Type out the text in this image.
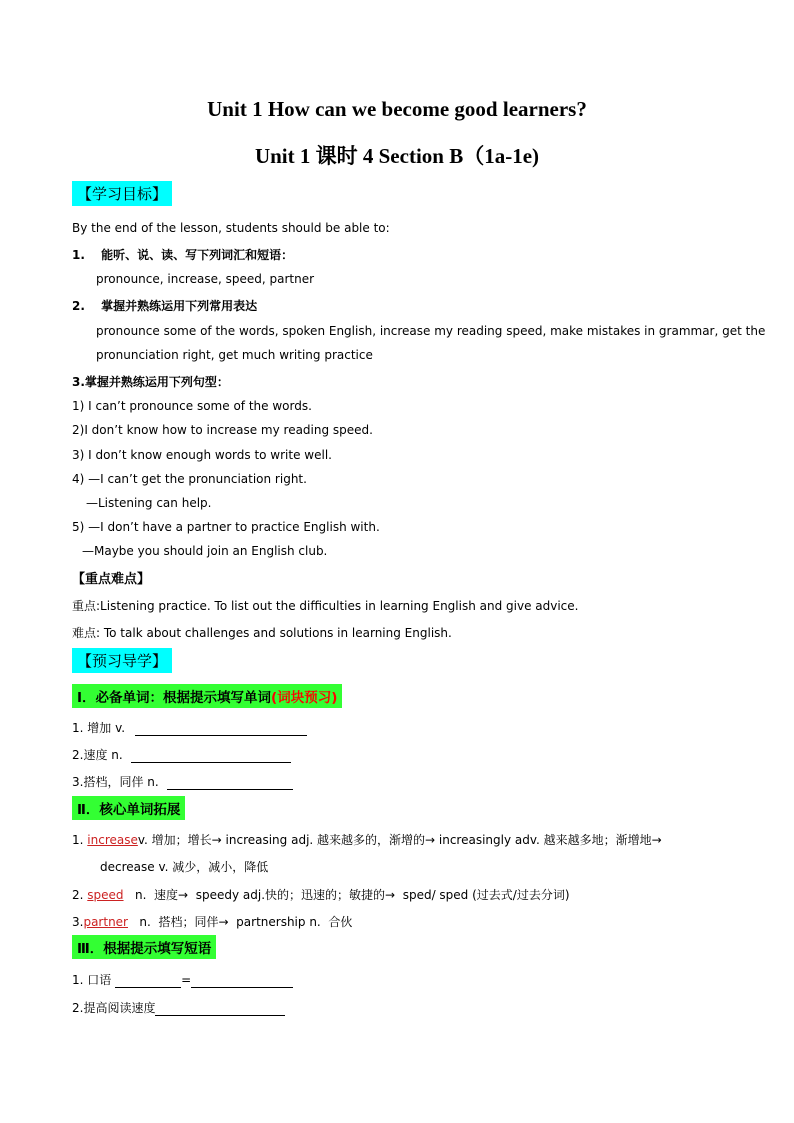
Unit 1 How can we become good learners?
Unit 1 课时 4 Section B（1a-1e)
【学习目标】
By the end of the lesson, students should be able to:
1. 能听、说、读、写下列词汇和短语：
pronounce, increase, speed, partner
2. 掌握并熟练运用下列常用表达
pronounce some of the words, spoken English, increase my reading speed, make mistakes in grammar, get the
pronunciation right, get much writing practice
3.掌握并熟练运用下列句型：
1) I can’t pronounce some of the words.
2)I don’t know how to increase my reading speed.
3) I don’t know enough words to write well.
4) —I can’t get the pronunciation right.
—Listening can help.
5) —I don’t have a partner to practice English with.
—Maybe you should join an English club.
【重点难点】
重点:Listening practice. To list out the difficulties in learning English and give advice.
难点: To talk about challenges and solutions in learning English.
【预习导学】
Ⅰ．必备单词：根据提示填写单词(词块预习)
1. 增加 v.
2.速度 n.
3.搭档，同伴 n.
Ⅱ．核心单词拓展
1. increasev. 增加；增长→ increasing adj. 越来越多的，渐增的→ increasingly adv. 越来越多地；渐增地→
decrease v. 减少，减小，降低
2. speed   n.  速度→  speedy adj.快的；迅速的；敏捷的→  sped/ sped (过去式/过去分词)
3.partner   n.  搭档；同伴→  partnership n.  合伙
Ⅲ．根据提示填写短语
1. 口语	=
2.提高阅读速度
